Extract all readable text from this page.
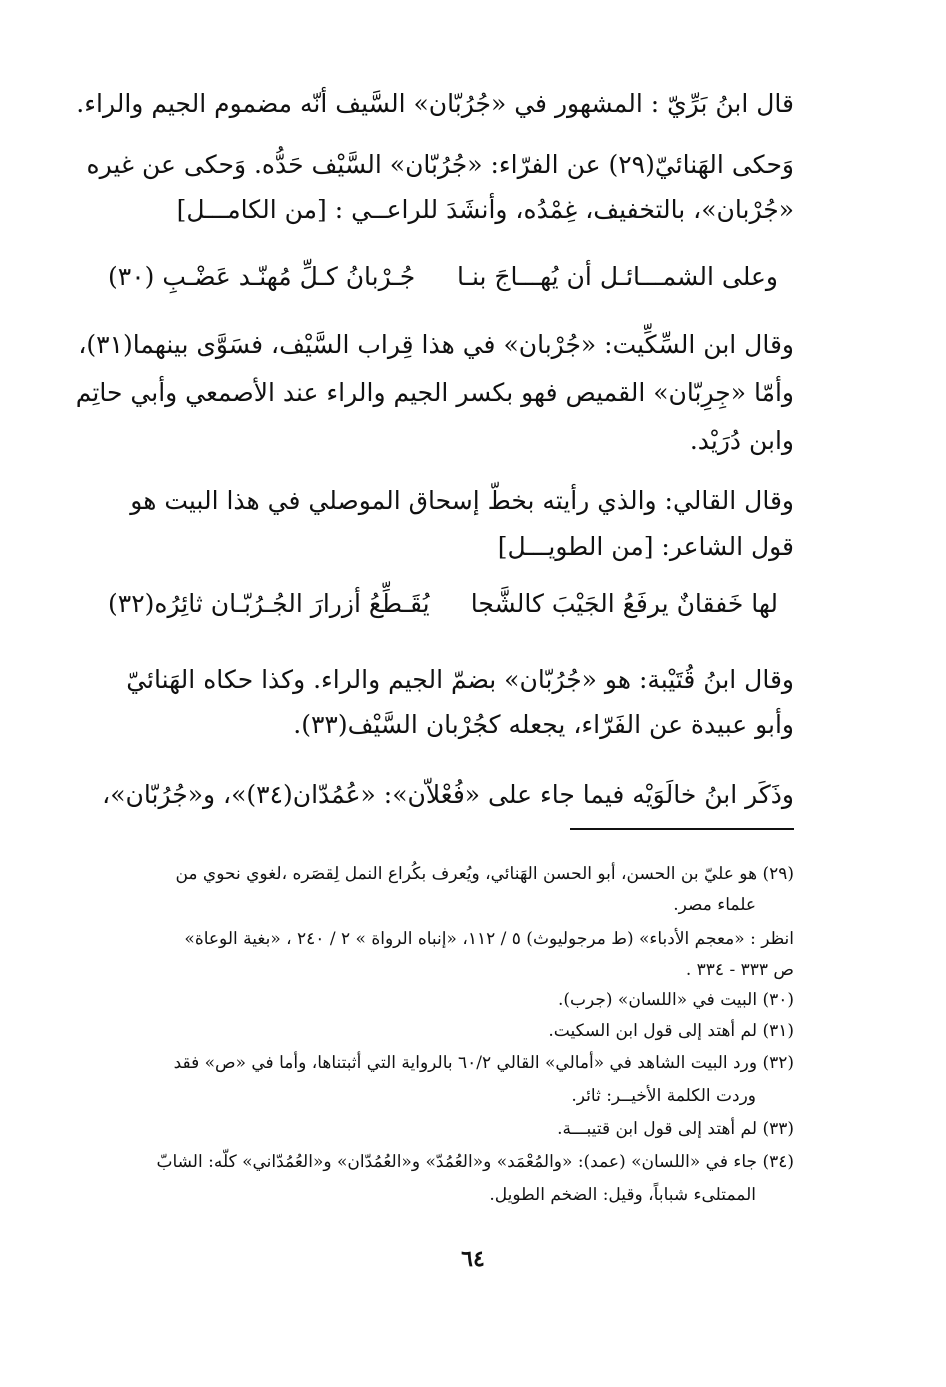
قال ابنُ بَرِّيّ : المشهور في «جُرُبّان» السَّيف أنّه مضموم الجيم والراء.
وَحكى الهَنائيّ(٢٩) عن الفرّاء: «جُرُبّان» السَّيْف حَدُّه. وَحكى عن غيره
«جُرْبان»، بالتخفيف، غِمْدُه، وأنشَدَ للراعــي : [من الكامـــل]
وعلى الشمـــائـل أن يُهـــاجَ بنـا
جُـرْبانُ كـلِّ مُهنّـد عَضْـبِ (٣٠)
وقال ابن السِّكِّيت: «جُرْبان» في هذا قِراب السَّيْف، فسَوَّى بينهما(٣١)،
وأمّا «جِرِبّان» القميص فهو بكسر الجيم والراء عند الأصمعي وأبي حاتِم
وابن دُرَيْد.
وقال القالي: والذي رأيته بخطّ إسحاق الموصلي في هذا البيت هو
قول الشاعر: [من الطويـــل]
لها خَفقانٌ يرفَعُ الجَيْبَ كالشَّجا
يُقَـطِّعُ أزرارَ الجُـرُبّـان ثائِرُه(٣٢)
وقال ابنُ قُتَيْبة: هو «جُرُبّان» بضمّ الجيم والراء. وكذا حكاه الهَنائيّ
وأبو عبيدة عن الفَرّاء، يجعله كجُرْبان السَّيْف(٣٣).
وذَكَر ابنُ خالَوَيْه فيما جاء على «فُعْلاّن»: «عُمُدّان(٣٤)»، و«جُرُبّان»،
(٢٩) هو عليّ بن الحسن، أبو الحسن الهَنائي، ويُعرف بكُراع النمل لِقصَره ،لغوي نحوي من
علماء مصر.
انظر : «معجم الأدباء» (ط مرجوليوث) ٥ / ١١٢، «إنباه الرواة » ٢ / ٢٤٠ ، «بغية الوعاة»
ص ٣٣٣ - ٣٣٤ .
(٣٠) البيت في «اللسان» (جرب).
(٣١) لم أهتد إلى قول ابن السكيت.
(٣٢) ورد البيت الشاهد في «أمالي» القالي ٦٠/٢ بالرواية التي أثبتناها، وأما في «ص» فقد
وردت الكلمة الأخيــر: ثائر.
(٣٣) لم أهتد إلى قول ابن قتيبـــة.
(٣٤) جاء في «اللسان» (عمد): «والمُعْمَد» و«العُمُدّ» و«العُمُدّان» و«العُمُدّاني» كلّه: الشابّ
الممتلىء شباباً، وقيل: الضخم الطويل.
٦٤
